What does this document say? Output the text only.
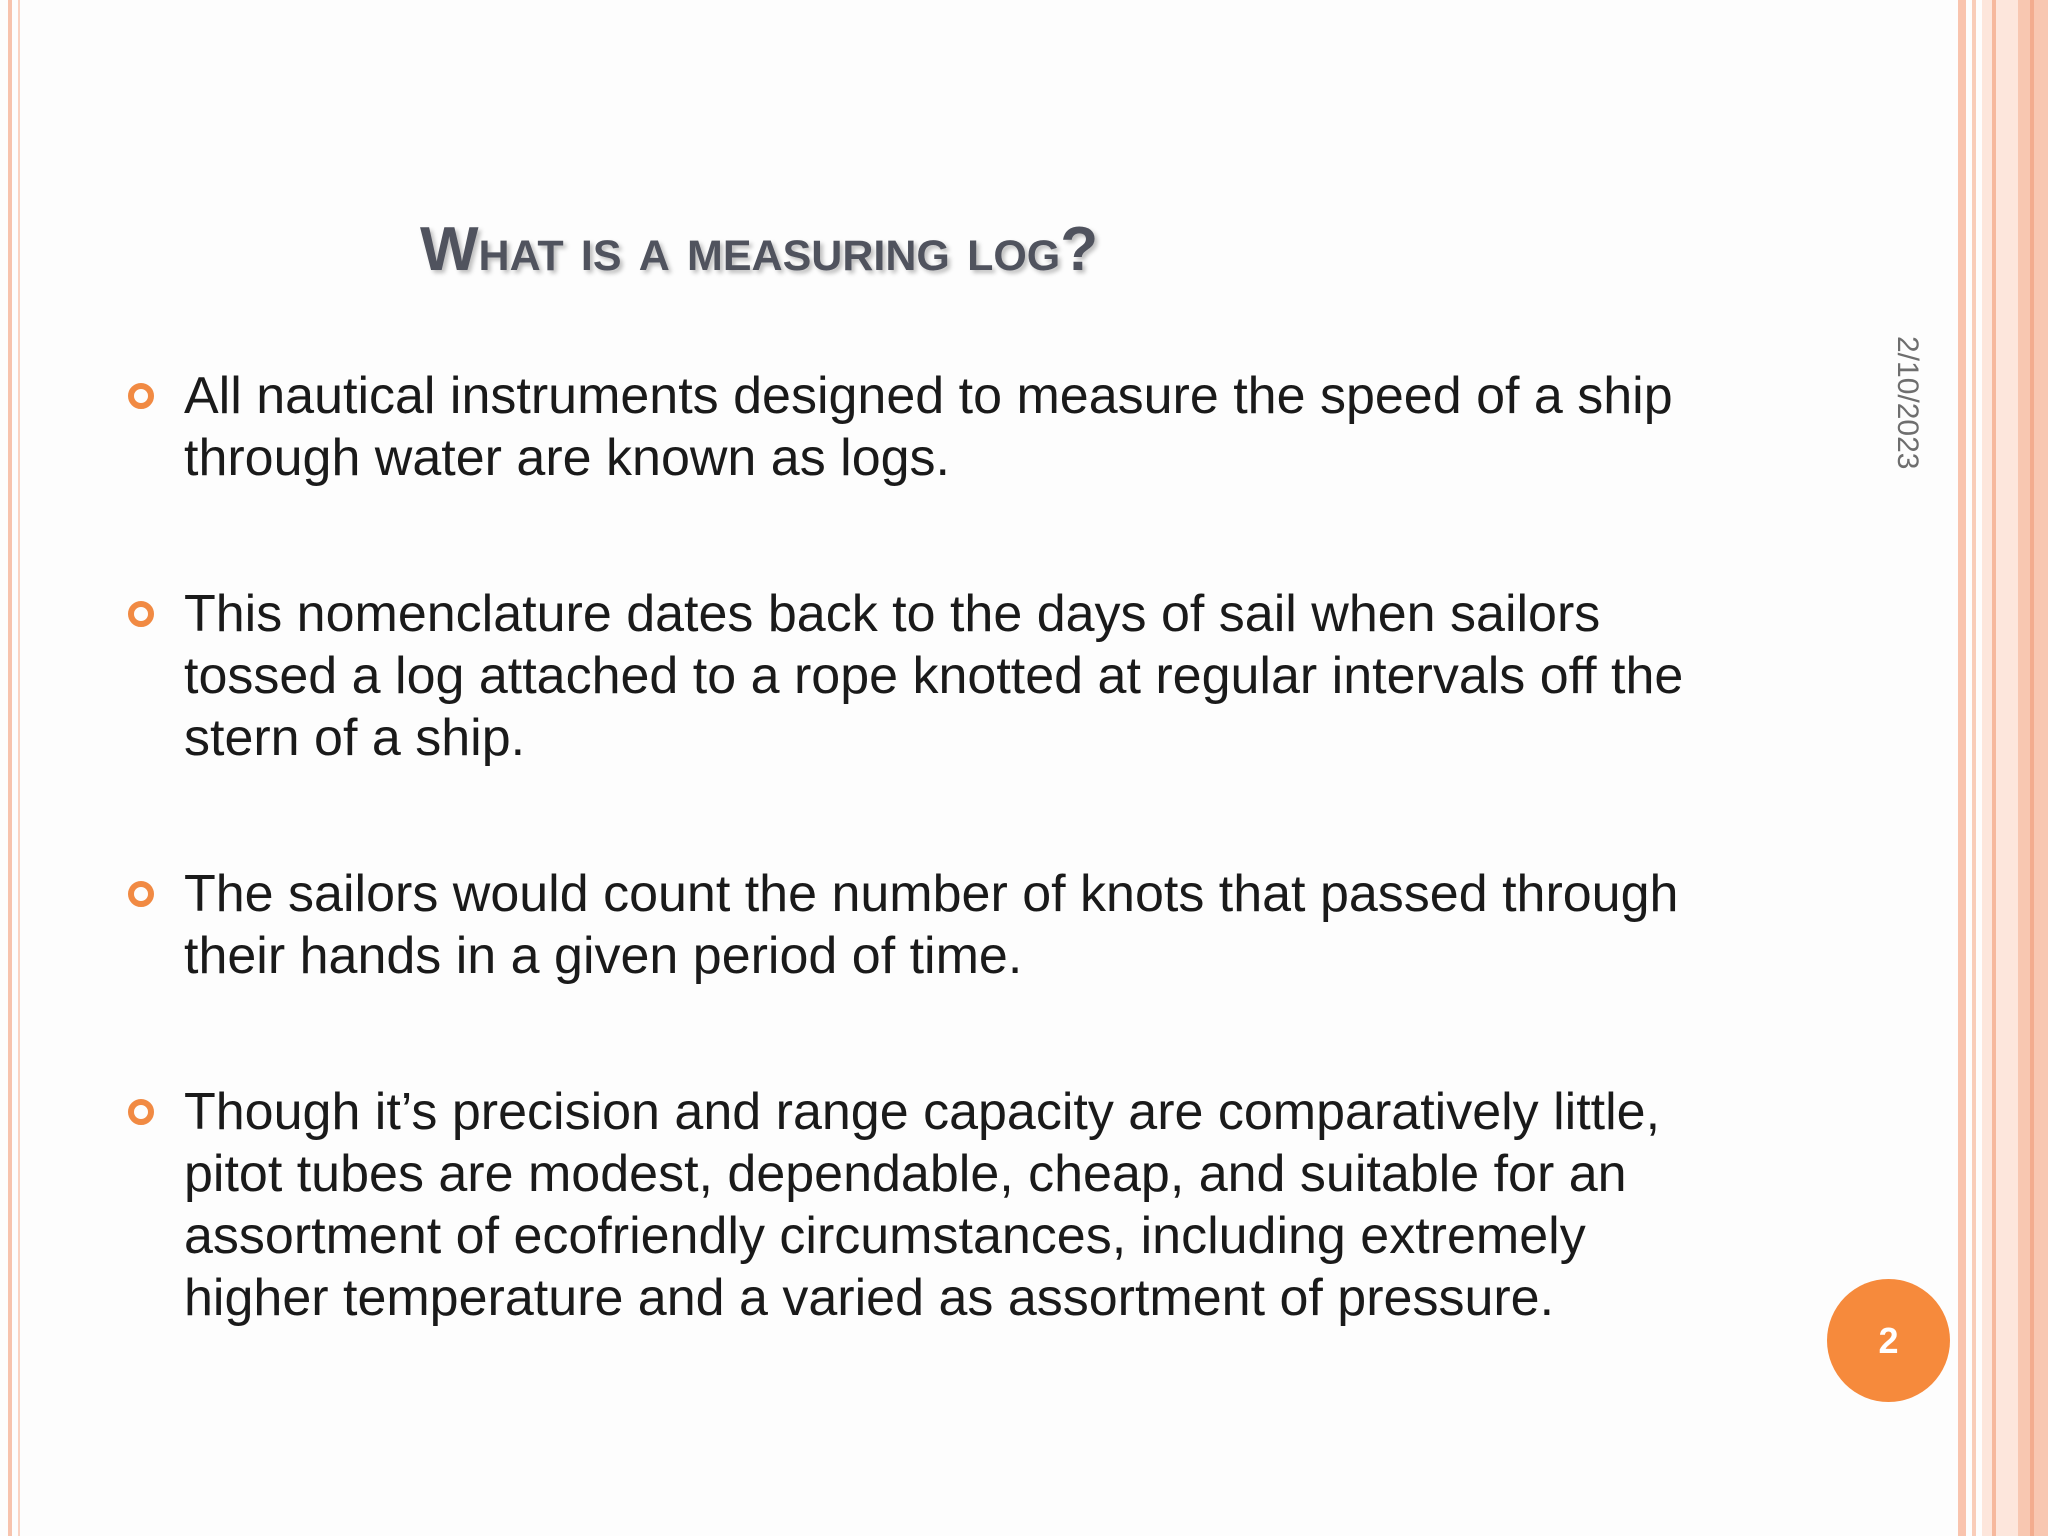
What is a measuring log?
2/10/2023
All nautical instruments designed to measure the speed of a ship through water are known as logs.
This nomenclature dates back to the days of sail when sailors tossed a log attached to a rope knotted at regular intervals off the stern of a ship.
The sailors would count the number of knots that passed through their hands in a given period of time.
Though it’s precision and range capacity are comparatively little, pitot tubes are modest, dependable, cheap, and suitable for an assortment of ecofriendly circumstances, including extremely higher temperature and a varied as assortment of pressure.
2
